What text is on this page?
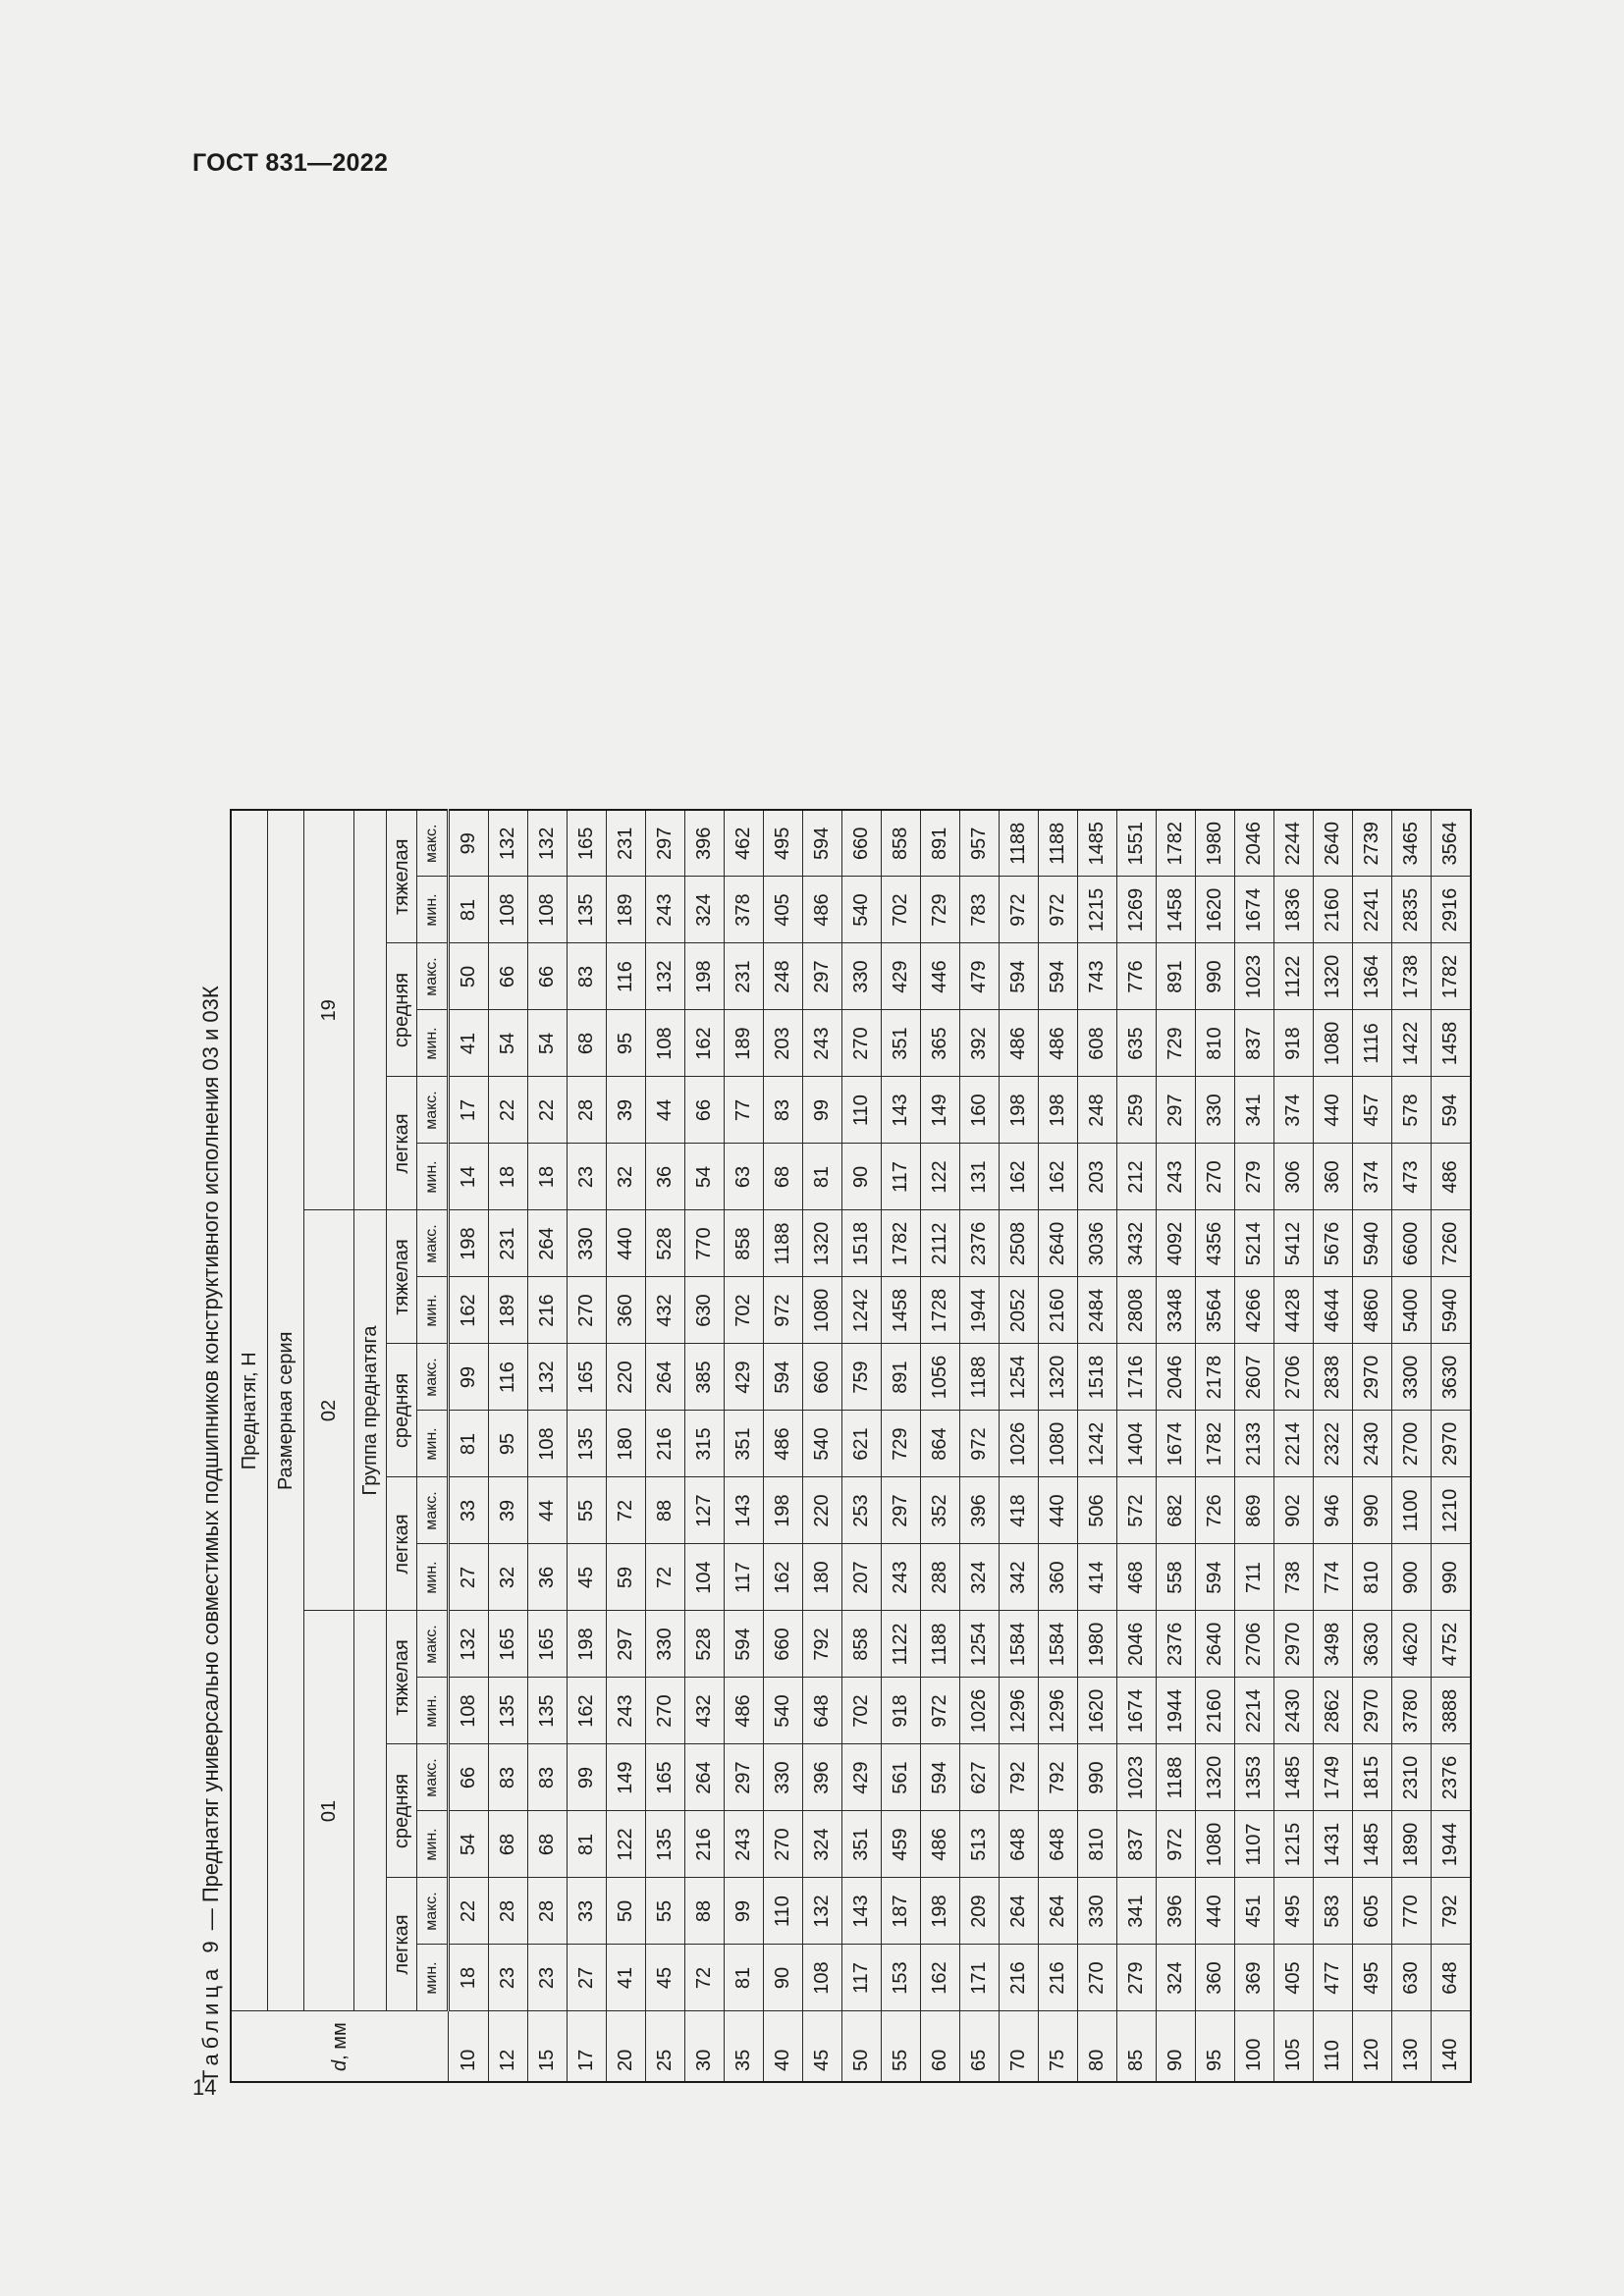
ГОСТ 831—2022
14
Таблица 9 — Преднатяг универсально совместимых подшипников конструктивного исполнения 03 и 03К
d, мм	Преднатяг, Н																	
	Размерная серия																	
	01						02						19					
							Группа преднатяга											
	легкая		средняя		тяжелая		легкая		средняя		тяжелая		легкая		средняя		тяжелая	
	мин.	макс.	мин.	макс.	мин.	макс.	мин.	макс.	мин.	макс.	мин.	макс.	мин.	макс.	мин.	макс.	мин.	макс.
10	18	22	54	66	108	132	27	33	81	99	162	198	14	17	41	50	81	99
12	23	28	68	83	135	165	32	39	95	116	189	231	18	22	54	66	108	132
15	23	28	68	83	135	165	36	44	108	132	216	264	18	22	54	66	108	132
17	27	33	81	99	162	198	45	55	135	165	270	330	23	28	68	83	135	165
20	41	50	122	149	243	297	59	72	180	220	360	440	32	39	95	116	189	231
25	45	55	135	165	270	330	72	88	216	264	432	528	36	44	108	132	243	297
30	72	88	216	264	432	528	104	127	315	385	630	770	54	66	162	198	324	396
35	81	99	243	297	486	594	117	143	351	429	702	858	63	77	189	231	378	462
40	90	110	270	330	540	660	162	198	486	594	972	1188	68	83	203	248	405	495
45	108	132	324	396	648	792	180	220	540	660	1080	1320	81	99	243	297	486	594
50	117	143	351	429	702	858	207	253	621	759	1242	1518	90	110	270	330	540	660
55	153	187	459	561	918	1122	243	297	729	891	1458	1782	117	143	351	429	702	858
60	162	198	486	594	972	1188	288	352	864	1056	1728	2112	122	149	365	446	729	891
65	171	209	513	627	1026	1254	324	396	972	1188	1944	2376	131	160	392	479	783	957
70	216	264	648	792	1296	1584	342	418	1026	1254	2052	2508	162	198	486	594	972	1188
75	216	264	648	792	1296	1584	360	440	1080	1320	2160	2640	162	198	486	594	972	1188
80	270	330	810	990	1620	1980	414	506	1242	1518	2484	3036	203	248	608	743	1215	1485
85	279	341	837	1023	1674	2046	468	572	1404	1716	2808	3432	212	259	635	776	1269	1551
90	324	396	972	1188	1944	2376	558	682	1674	2046	3348	4092	243	297	729	891	1458	1782
95	360	440	1080	1320	2160	2640	594	726	1782	2178	3564	4356	270	330	810	990	1620	1980
100	369	451	1107	1353	2214	2706	711	869	2133	2607	4266	5214	279	341	837	1023	1674	2046
105	405	495	1215	1485	2430	2970	738	902	2214	2706	4428	5412	306	374	918	1122	1836	2244
110	477	583	1431	1749	2862	3498	774	946	2322	2838	4644	5676	360	440	1080	1320	2160	2640
120	495	605	1485	1815	2970	3630	810	990	2430	2970	4860	5940	374	457	1116	1364	2241	2739
130	630	770	1890	2310	3780	4620	900	1100	2700	3300	5400	6600	473	578	1422	1738	2835	3465
140	648	792	1944	2376	3888	4752	990	1210	2970	3630	5940	7260	486	594	1458	1782	2916	3564
